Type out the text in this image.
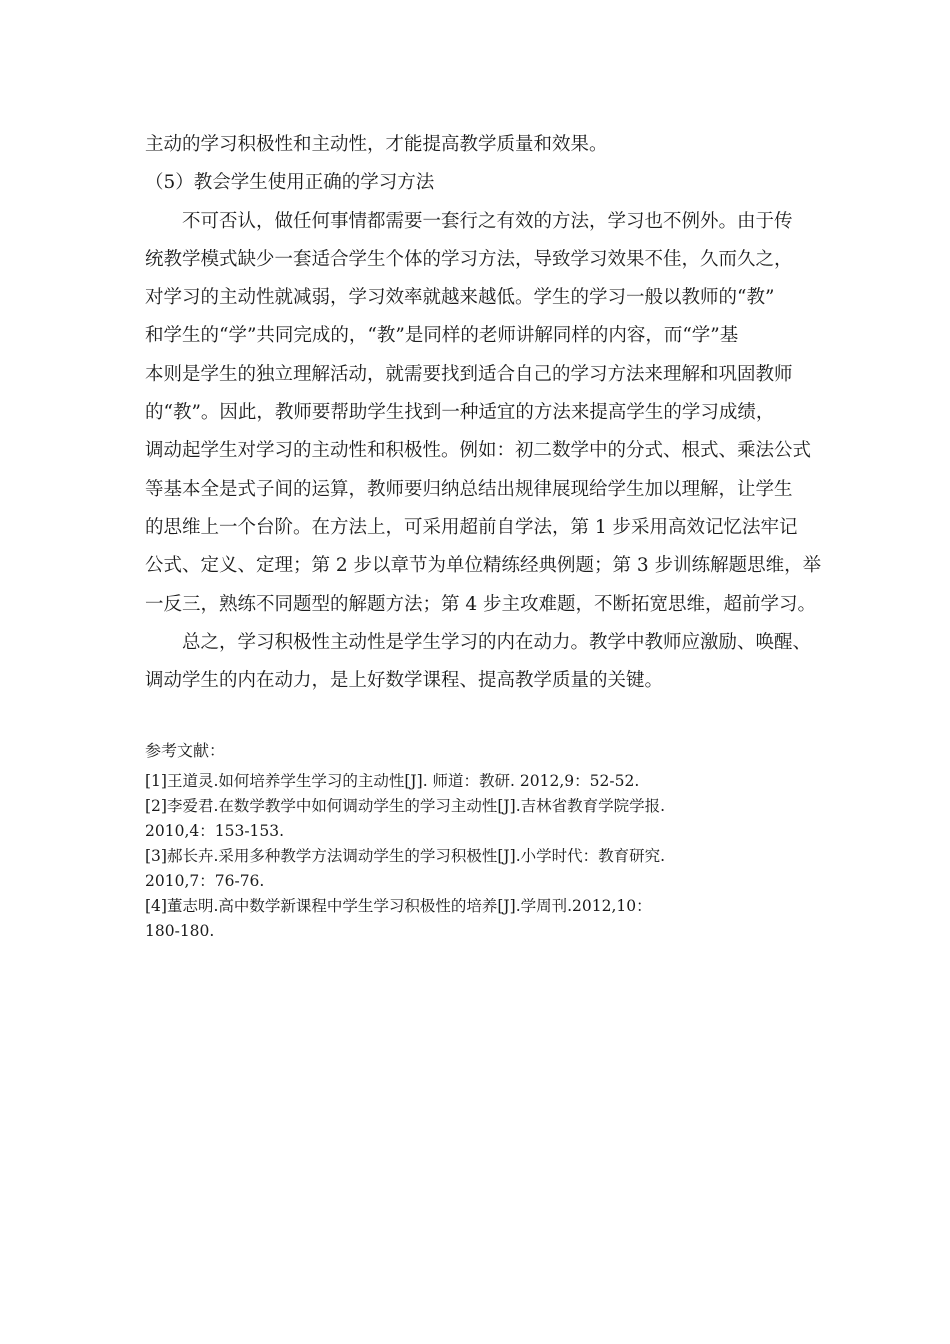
主动的学习积极性和主动性，才能提高教学质量和效果。
（5）教会学生使用正确的学习方法
不可否认，做任何事情都需要一套行之有效的方法，学习也不例外。由于传
统教学模式缺少一套适合学生个体的学习方法，导致学习效果不佳，久而久之，
对学习的主动性就减弱，学习效率就越来越低。学生的学习一般以教师的“教”
和学生的“学”共同完成的，“教”是同样的老师讲解同样的内容，而“学”基
本则是学生的独立理解活动，就需要找到适合自己的学习方法来理解和巩固教师
的“教”。因此，教师要帮助学生找到一种适宜的方法来提高学生的学习成绩，
调动起学生对学习的主动性和积极性。例如：初二数学中的分式、根式、乘法公式
等基本全是式子间的运算，教师要归纳总结出规律展现给学生加以理解，让学生
的思维上一个台阶。在方法上，可采用超前自学法，第 1 步采用高效记忆法牢记
公式、定义、定理；第 2 步以章节为单位精练经典例题；第 3 步训练解题思维，举
一反三，熟练不同题型的解题方法；第 4 步主攻难题，不断拓宽思维，超前学习。
总之，学习积极性主动性是学生学习的内在动力。教学中教师应激励、唤醒、
调动学生的内在动力，是上好数学课程、提高教学质量的关键。
参考文献：
[1]王道灵.如何培养学生学习的主动性[J]. 师道：教研. 2012,9：52-52.
[2]李爱君.在数学教学中如何调动学生的学习主动性[J].吉林省教育学院学报.
2010,4：153-153.
[3]郝长卉.采用多种教学方法调动学生的学习积极性[J].小学时代：教育研究.
2010,7：76-76.
[4]董志明.高中数学新课程中学生学习积极性的培养[J].学周刊.2012,10：
180-180.
